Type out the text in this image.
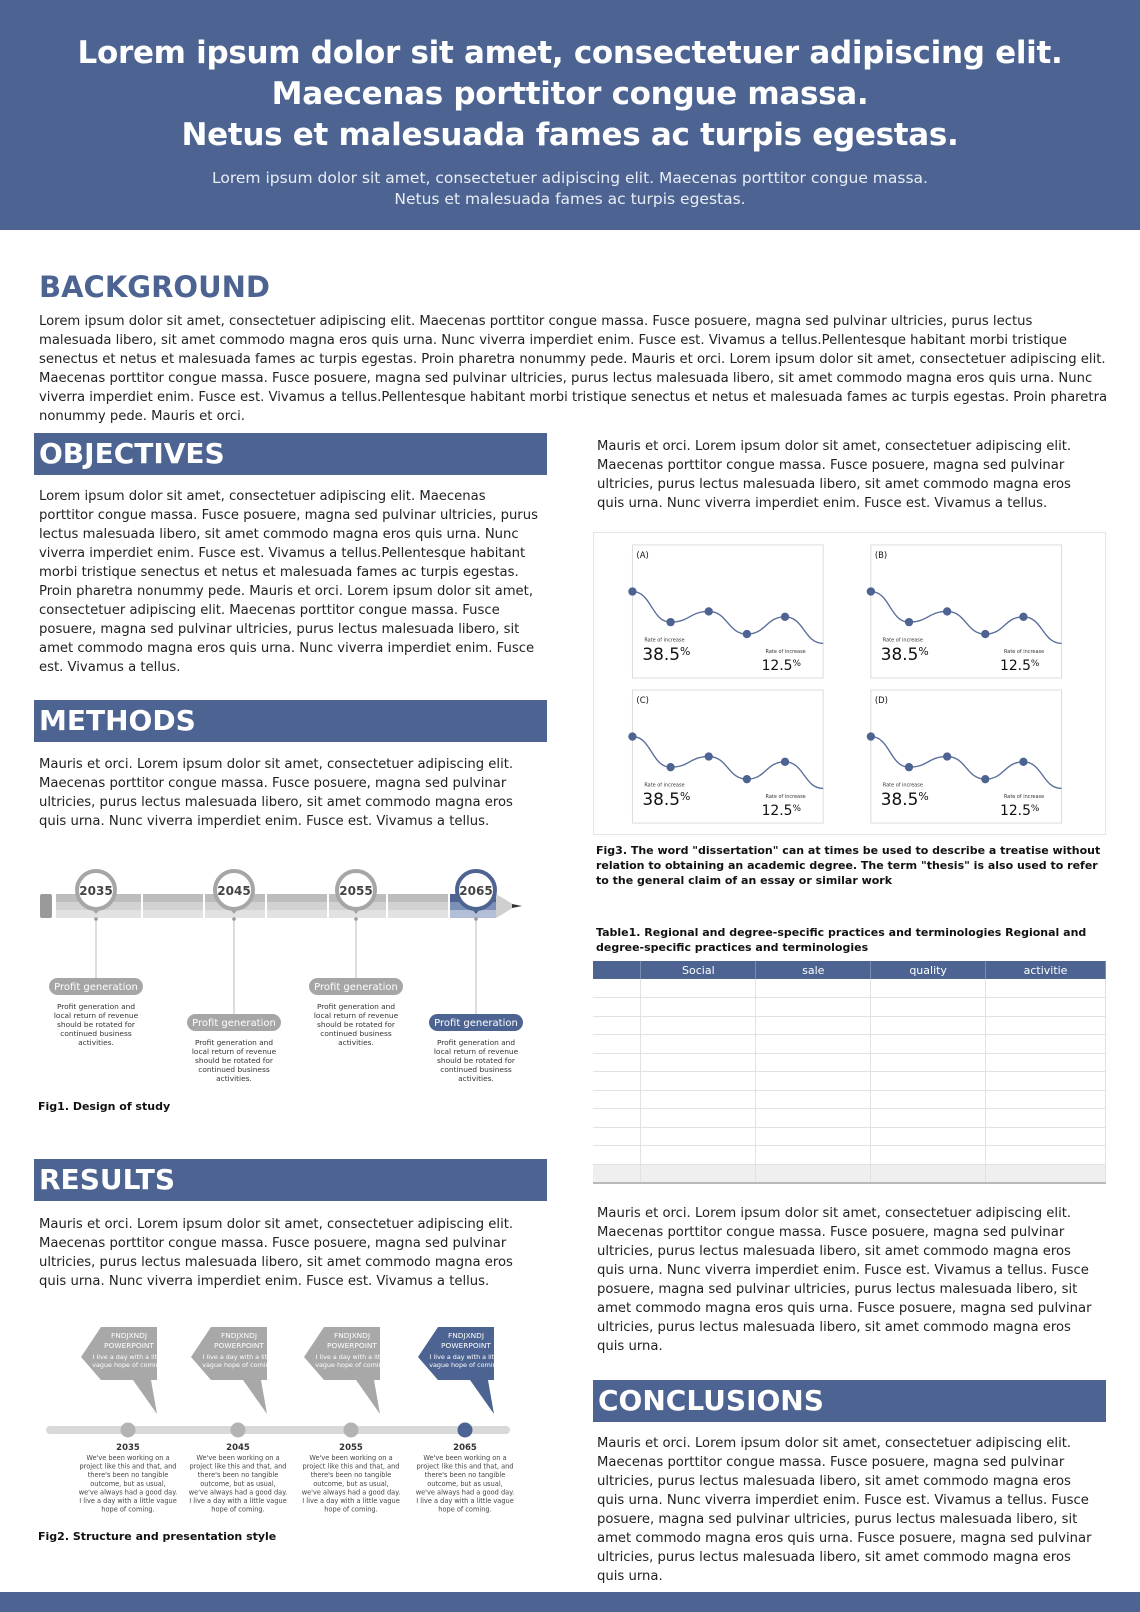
Lorem ipsum dolor sit amet, consectetuer adipiscing elit.
Maecenas porttitor congue massa.
Netus et malesuada fames ac turpis egestas.
Lorem ipsum dolor sit amet, consectetuer adipiscing elit. Maecenas porttitor congue massa.
Netus et malesuada fames ac turpis egestas.
BACKGROUND
Lorem ipsum dolor sit amet, consectetuer adipiscing elit. Maecenas porttitor congue massa. Fusce posuere, magna sed pulvinar ultricies, purus lectus malesuada libero, sit amet commodo magna eros quis urna. Nunc viverra imperdiet enim. Fusce est. Vivamus a tellus.Pellentesque habitant morbi tristique senectus et netus et malesuada fames ac turpis egestas. Proin pharetra nonummy pede. Mauris et orci. Lorem ipsum dolor sit amet, consectetuer adipiscing elit. Maecenas porttitor congue massa. Fusce posuere, magna sed pulvinar ultricies, purus lectus malesuada libero, sit amet commodo magna eros quis urna. Nunc viverra imperdiet enim. Fusce est. Vivamus a tellus.Pellentesque habitant morbi tristique senectus et netus et malesuada fames ac turpis egestas. Proin pharetra nonummy pede. Mauris et orci.
OBJECTIVES
Lorem ipsum dolor sit amet, consectetuer adipiscing elit. Maecenas porttitor congue massa. Fusce posuere, magna sed pulvinar ultricies, purus lectus malesuada libero, sit amet commodo magna eros quis urna. Nunc viverra imperdiet enim. Fusce est. Vivamus a tellus.Pellentesque habitant morbi tristique senectus et netus et malesuada fames ac turpis egestas. Proin pharetra nonummy pede. Mauris et orci. Lorem ipsum dolor sit amet, consectetuer adipiscing elit. Maecenas porttitor congue massa. Fusce posuere, magna sed pulvinar ultricies, purus lectus malesuada libero, sit amet commodo magna eros quis urna. Nunc viverra imperdiet enim. Fusce est. Vivamus a tellus.
METHODS
Mauris et orci. Lorem ipsum dolor sit amet, consectetuer adipiscing elit. Maecenas porttitor congue massa. Fusce posuere, magna sed pulvinar ultricies, purus lectus malesuada libero, sit amet commodo magna eros quis urna. Nunc viverra imperdiet enim. Fusce est. Vivamus a tellus.
2035
Profit generation
Profit generation and
local return of revenue
should be rotated for
continued business
activities.
2045
Profit generation
Profit generation and
local return of revenue
should be rotated for
continued business
activities.
2055
Profit generation
Profit generation and
local return of revenue
should be rotated for
continued business
activities.
2065
Profit generation
Profit generation and
local return of revenue
should be rotated for
continued business
activities.
Fig1. Design of study
RESULTS
Mauris et orci. Lorem ipsum dolor sit amet, consectetuer adipiscing elit. Maecenas porttitor congue massa. Fusce posuere, magna sed pulvinar ultricies, purus lectus malesuada libero, sit amet commodo magna eros quis urna. Nunc viverra imperdiet enim. Fusce est. Vivamus a tellus.
FNDJXNDJ
POWERPOINT
I live a day with a little
vague hope of coming.
2035
We've been working on a
project like this and that, and
there's been no tangible
outcome, but as usual,
we've always had a good day.
I live a day with a little vague
hope of coming.
FNDJXNDJ
POWERPOINT
I live a day with a little
vague hope of coming.
2045
We've been working on a
project like this and that, and
there's been no tangible
outcome, but as usual,
we've always had a good day.
I live a day with a little vague
hope of coming.
FNDJXNDJ
POWERPOINT
I live a day with a little
vague hope of coming.
2055
We've been working on a
project like this and that, and
there's been no tangible
outcome, but as usual,
we've always had a good day.
I live a day with a little vague
hope of coming.
FNDJXNDJ
POWERPOINT
I live a day with a little
vague hope of coming.
2065
We've been working on a
project like this and that, and
there's been no tangible
outcome, but as usual,
we've always had a good day.
I live a day with a little vague
hope of coming.
Fig2. Structure and presentation style
Mauris et orci. Lorem ipsum dolor sit amet, consectetuer adipiscing elit. Maecenas porttitor congue massa. Fusce posuere, magna sed pulvinar ultricies, purus lectus malesuada libero, sit amet commodo magna eros quis urna. Nunc viverra imperdiet enim. Fusce est. Vivamus a tellus.
(A)
Rate of increase
38.5%	Rate of increase
12.5%
(B)
Rate of increase
38.5%	Rate of increase
12.5%
(C)
Rate of increase
38.5%	Rate of increase
12.5%
(D)
Rate of increase
38.5%	Rate of increase
12.5%
Fig3. The word "dissertation" can at times be used to describe a treatise without relation to obtaining an academic degree. The term "thesis" is also used to refer to the general claim of an essay or similar work
Table1. Regional and degree-specific practices and terminologies Regional and degree-specific practices and terminologies
	Social	sale	quality	activitie

Mauris et orci. Lorem ipsum dolor sit amet, consectetuer adipiscing elit. Maecenas porttitor congue massa. Fusce posuere, magna sed pulvinar ultricies, purus lectus malesuada libero, sit amet commodo magna eros quis urna. Nunc viverra imperdiet enim. Fusce est. Vivamus a tellus. Fusce posuere, magna sed pulvinar ultricies, purus lectus malesuada libero, sit amet commodo magna eros quis urna. Fusce posuere, magna sed pulvinar ultricies, purus lectus malesuada libero, sit amet commodo magna eros quis urna.
CONCLUSIONS
Mauris et orci. Lorem ipsum dolor sit amet, consectetuer adipiscing elit. Maecenas porttitor congue massa. Fusce posuere, magna sed pulvinar ultricies, purus lectus malesuada libero, sit amet commodo magna eros quis urna. Nunc viverra imperdiet enim. Fusce est. Vivamus a tellus. Fusce posuere, magna sed pulvinar ultricies, purus lectus malesuada libero, sit amet commodo magna eros quis urna. Fusce posuere, magna sed pulvinar ultricies, purus lectus malesuada libero, sit amet commodo magna eros quis urna.
